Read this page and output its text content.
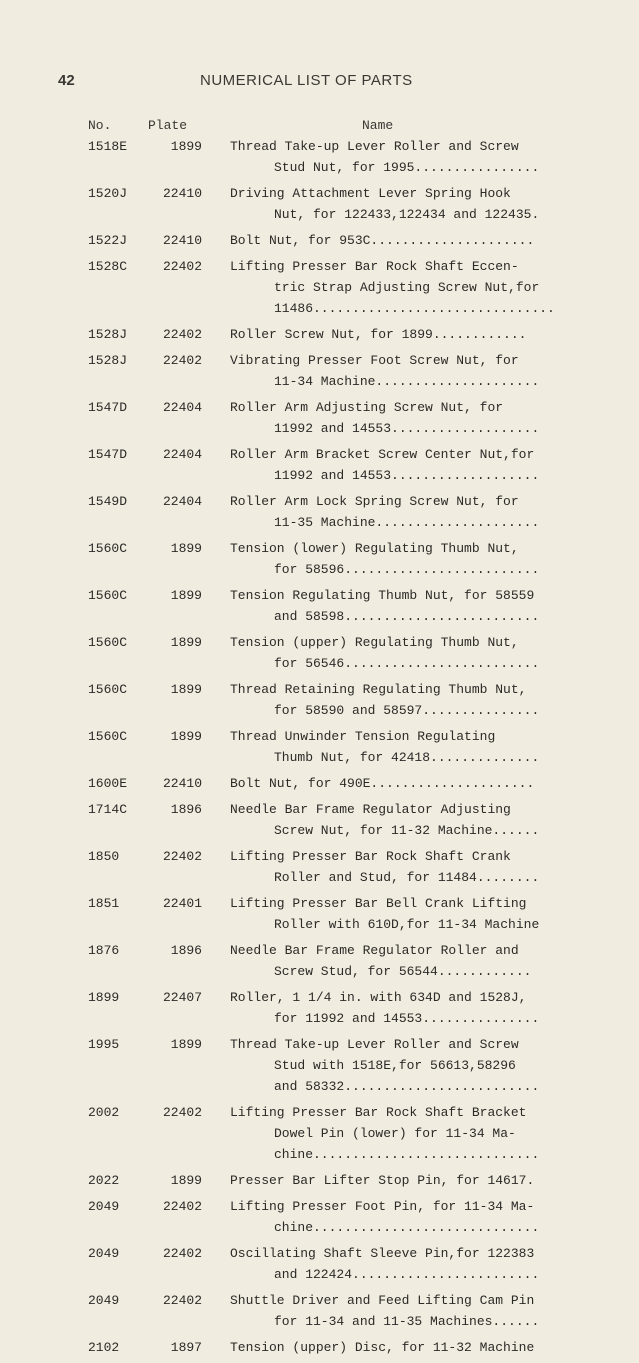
42	NUMERICAL LIST OF PARTS
No.	Plate	Name
1518E	1899 Thread Take-up Lever Roller and Screw
Stud Nut, for 1995................
1520J	22410 Driving Attachment Lever Spring Hook
Nut, for 122433,122434 and 122435.
1522J	22410 Bolt Nut, for 953C.....................
1528C	22402 Lifting Presser Bar Rock Shaft Eccen-
tric Strap Adjusting Screw Nut,for
11486...............................
1528J	22402 Roller Screw Nut, for 1899............
1528J	22402 Vibrating Presser Foot Screw Nut, for
11-34 Machine.....................
1547D	22404 Roller Arm Adjusting Screw Nut, for
11992 and 14553...................
1547D	22404 Roller Arm Bracket Screw Center Nut,for
11992 and 14553...................
1549D	22404 Roller Arm Lock Spring Screw Nut, for
11-35 Machine.....................
1560C	1899 Tension (lower) Regulating Thumb Nut,
for 58596.........................
1560C	1899 Tension Regulating Thumb Nut, for 58559
and 58598.........................
1560C	1899 Tension (upper) Regulating Thumb Nut,
for 56546.........................
1560C	1899 Thread Retaining Regulating Thumb Nut,
for 58590 and 58597...............
1560C	1899 Thread Unwinder Tension Regulating
Thumb Nut, for 42418..............
1600E	22410 Bolt Nut, for 490E.....................
1714C	1896 Needle Bar Frame Regulator Adjusting
Screw Nut, for 11-32 Machine......
1850	22402 Lifting Presser Bar Rock Shaft Crank
Roller and Stud, for 11484........
1851	22401 Lifting Presser Bar Bell Crank Lifting
Roller with 610D,for 11-34 Machine
1876	1896 Needle Bar Frame Regulator Roller and
Screw Stud, for 56544............
1899	22407 Roller, 1 1/4 in. with 634D and 1528J,
for 11992 and 14553...............
1995	1899 Thread Take-up Lever Roller and Screw
Stud with 1518E,for 56613,58296
and 58332.........................
2002	22402 Lifting Presser Bar Rock Shaft Bracket
Dowel Pin (lower) for 11-34 Ma-
chine.............................
2022	1899 Presser Bar Lifter Stop Pin, for 14617.
2049	22402 Lifting Presser Foot Pin, for 11-34 Ma-
chine.............................
2049	22402 Oscillating Shaft Sleeve Pin,for 122383
and 122424........................
2049	22402 Shuttle Driver and Feed Lifting Cam Pin
for 11-34 and 11-35 Machines......
2102	1897 Tension (upper) Disc, for 11-32 Machine
